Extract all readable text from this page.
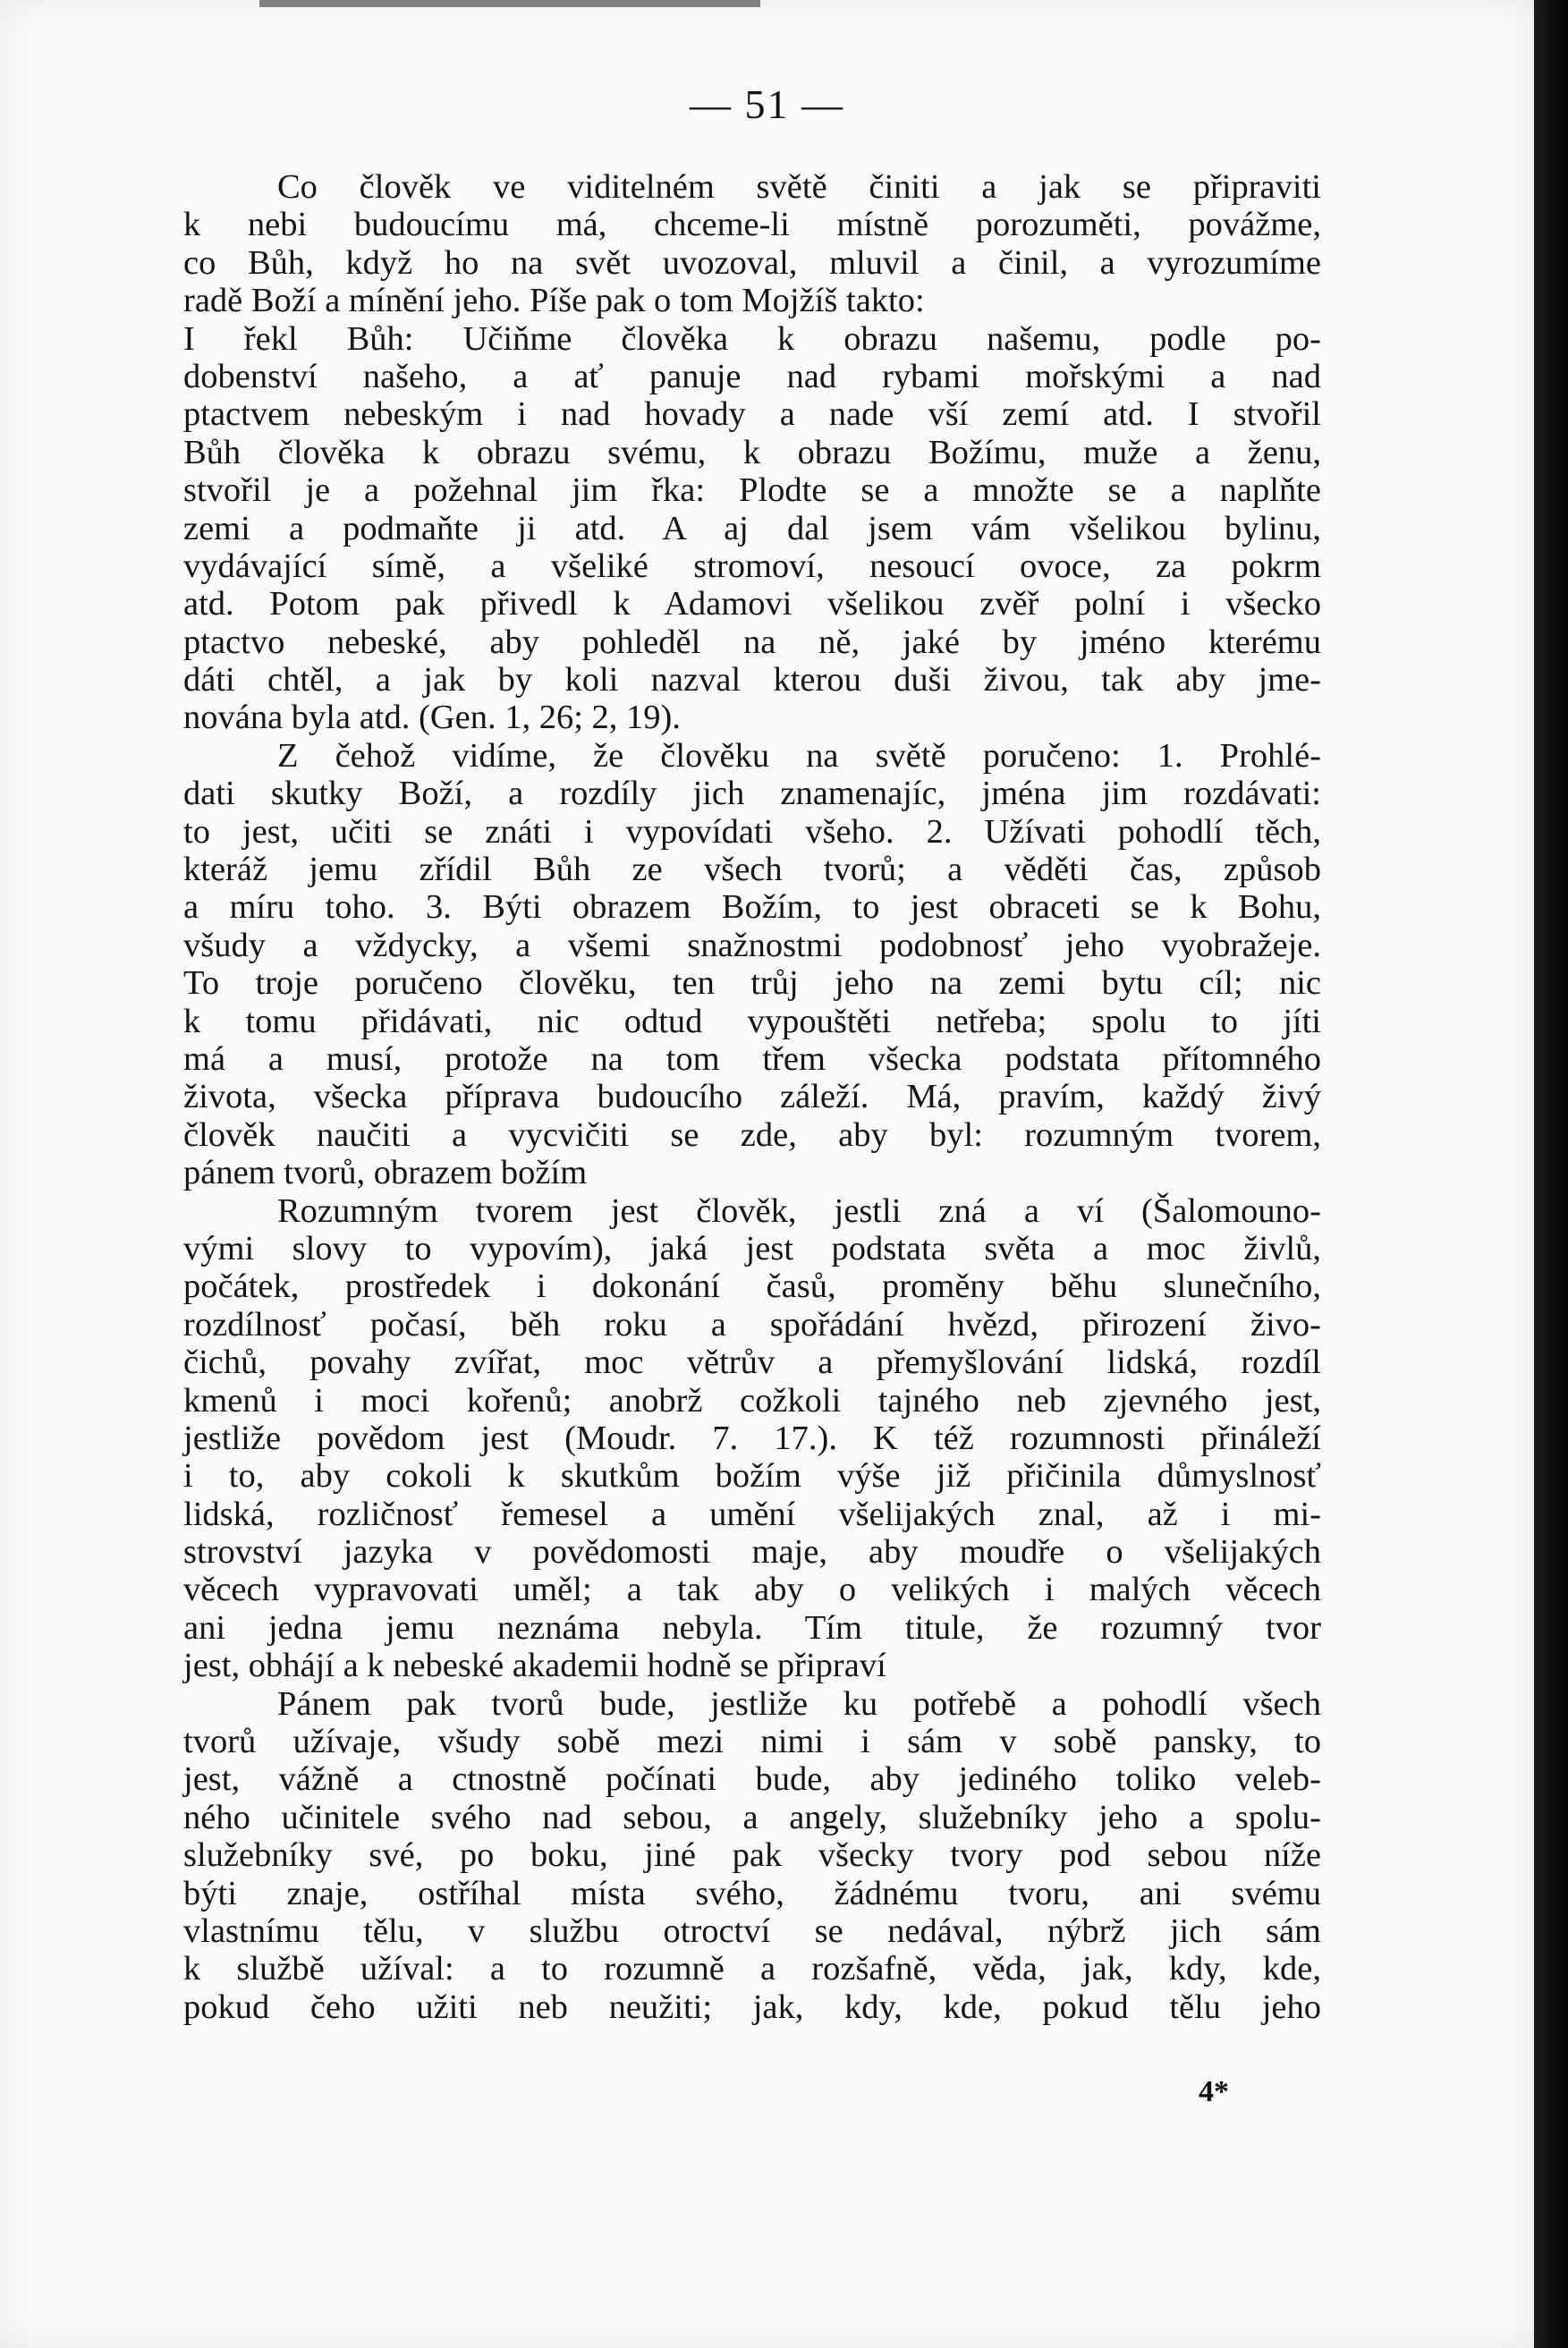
— 51 —
Co člověk ve viditelném světě činiti a jak se připraviti
k nebi budoucímu má, chceme-li místně porozuměti, povážme,
co Bůh, když ho na svět uvozoval, mluvil a činil, a vyrozumíme
radě Boží a mínění jeho. Píše pak o tom Mojžíš takto:
I řekl Bůh: Učiňme člověka k obrazu našemu, podle po-
dobenství našeho, a ať panuje nad rybami mořskými a nad
ptactvem nebeským i nad hovady a nade vší zemí atd. I stvořil
Bůh člověka k obrazu svému, k obrazu Božímu, muže a ženu,
stvořil je a požehnal jim řka: Plodte se a množte se a naplňte
zemi a podmaňte ji atd. A aj dal jsem vám všelikou bylinu,
vydávající símě, a všeliké stromoví, nesoucí ovoce, za pokrm
atd. Potom pak přivedl k Adamovi všelikou zvěř polní i všecko
ptactvo nebeské, aby pohleděl na ně, jaké by jméno kterému
dáti chtěl, a jak by koli nazval kterou duši živou, tak aby jme-
nována byla atd. (Gen. 1, 26; 2, 19).
Z čehož vidíme, že člověku na světě poručeno: 1. Prohlé-
dati skutky Boží, a rozdíly jich znamenajíc, jména jim rozdávati:
to jest, učiti se znáti i vypovídati všeho. 2. Užívati pohodlí těch,
kteráž jemu zřídil Bůh ze všech tvorů; a věděti čas, způsob
a míru toho. 3. Býti obrazem Božím, to jest obraceti se k Bohu,
všudy a vždycky, a všemi snažnostmi podobnosť jeho vyobražeje.
To troje poručeno člověku, ten trůj jeho na zemi bytu cíl; nic
k tomu přidávati, nic odtud vypouštěti netřeba; spolu to jíti
má a musí, protože na tom třem všecka podstata přítomného
života, všecka příprava budoucího záleží. Má, pravím, každý živý
člověk naučiti a vycvičiti se zde, aby byl: rozumným tvorem,
pánem tvorů, obrazem božím
Rozumným tvorem jest člověk, jestli zná a ví (Šalomouno-
vými slovy to vypovím), jaká jest podstata světa a moc živlů,
počátek, prostředek i dokonání časů, proměny běhu slunečního,
rozdílnosť počasí, běh roku a spořádání hvězd, přirození živo-
čichů, povahy zvířat, moc větrův a přemyšlování lidská, rozdíl
kmenů i moci kořenů; anobrž cožkoli tajného neb zjevného jest,
jestliže povědom jest (Moudr. 7. 17.). K též rozumnosti přináleží
i to, aby cokoli k skutkům božím výše již přičinila důmyslnosť
lidská, rozličnosť řemesel a umění všelijakých znal, až i mi-
strovství jazyka v povědomosti maje, aby moudře o všelijakých
věcech vypravovati uměl; a tak aby o velikých i malých věcech
ani jedna jemu neznáma nebyla. Tím titule, že rozumný tvor
jest, obhájí a k nebeské akademii hodně se připraví
Pánem pak tvorů bude, jestliže ku potřebě a pohodlí všech
tvorů užívaje, všudy sobě mezi nimi i sám v sobě pansky, to
jest, vážně a ctnostně počínati bude, aby jediného toliko veleb-
ného učinitele svého nad sebou, a angely, služebníky jeho a spolu-
služebníky své, po boku, jiné pak všecky tvory pod sebou níže
býti znaje, ostříhal místa svého, žádnému tvoru, ani svému
vlastnímu tělu, v službu otroctví se nedával, nýbrž jich sám
k službě užíval: a to rozumně a rozšafně, věda, jak, kdy, kde,
pokud čeho užiti neb neužiti; jak, kdy, kde, pokud tělu jeho
4*
